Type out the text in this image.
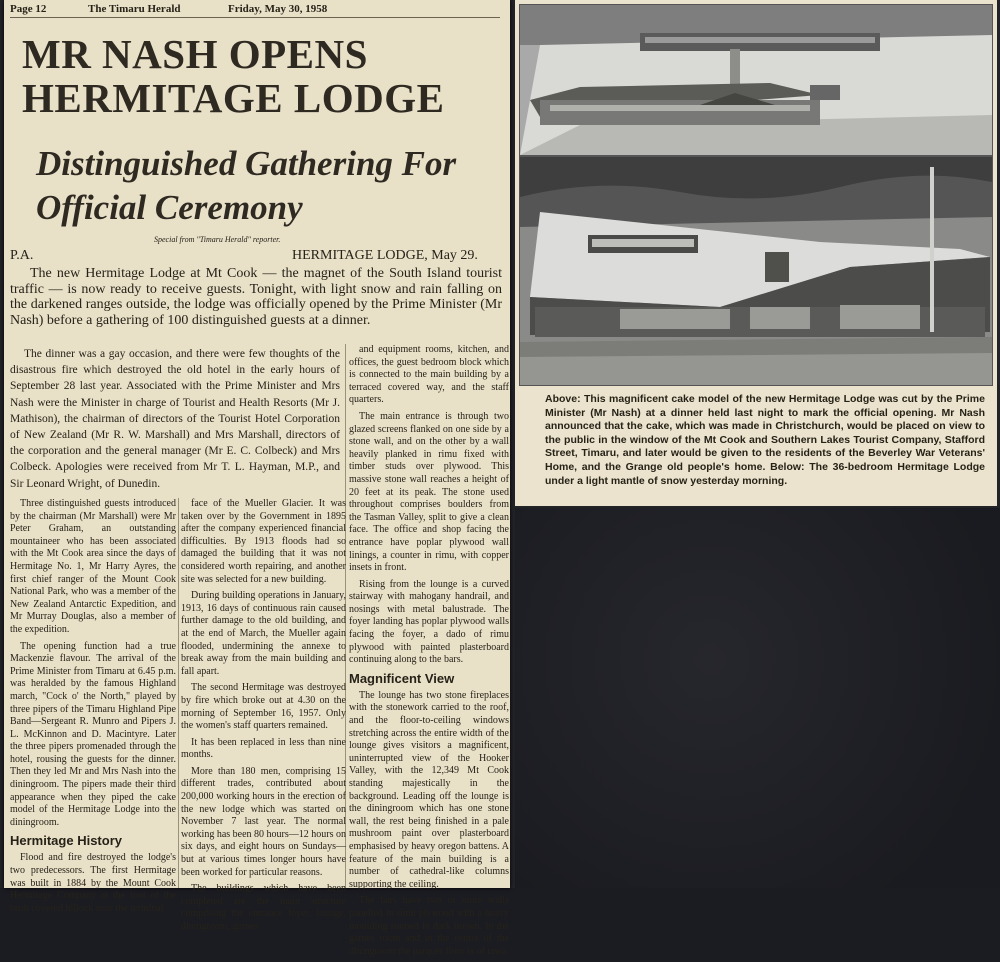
Page 12	The Timaru Herald	Friday, May 30, 1958
MR NASH OPENS HERMITAGE LODGE
Distinguished Gathering For Official Ceremony
Special from "Timaru Herald" reporter.
P.A.	HERMITAGE LODGE, May 29.

The new Hermitage Lodge at Mt Cook — the magnet of the South Island tourist traffic — is now ready to receive guests. Tonight, with light snow and rain falling on the darkened ranges outside, the lodge was officially opened by the Prime Minister (Mr Nash) before a gathering of 100 distinguished guests at a dinner.

The dinner was a gay occasion, and there were few thoughts of the disastrous fire which destroyed the old hotel in the early hours of September 28 last year. Associated with the Prime Minister and Mrs Nash were the Minister in charge of Tourist and Health Resorts (Mr J. Mathison), the chairman of directors of the Tourist Hotel Corporation of New Zealand (Mr R. W. Marshall) and Mrs Marshall, directors of the corporation and the general manager (Mr E. C. Colbeck) and Mrs Colbeck. Apologies were received from Mr T. L. Hayman, M.P., and Sir Leonard Wright, of Dunedin.

Three distinguished guests introduced by the chairman (Mr Marshall) were Mr Peter Graham, an outstanding mountaineer who has been associated with the Mt Cook area since the days of Hermitage No. 1, Mr Harry Ayres, the first chief ranger of the Mount Cook National Park, who was a member of the New Zealand Antarctic Expedition, and Mr Murray Douglas, also a member of the expedition.

The opening function had a true Mackenzie flavour. The arrival of the Prime Minister from Timaru at 6.45 p.m. was heralded by the famous Highland march, "Cock o' the North," played by three pipers of the Timaru Highland Pipe Band—Sergeant R. Munro and Pipers J. L. McKinnon and D. Macintyre. Later the three pipers promenaded through the hotel, rousing the guests for the dinner. Then they led Mr and Mrs Nash into the diningroom. The pipers made their third appearance when they piped the cake model of the Hermitage Lodge into the diningroom.

Hermitage History

Flood and fire destroyed the lodge's two predecessors. The first Hermitage was built in 1884 by the Mount Cook Hermitage Company at the foot of the bush covered hillock near the terminal

face of the Mueller Glacier. It was taken over by the Government in 1895 after the company experienced financial difficulties. By 1913 floods had so damaged the building that it was not considered worth repairing, and another site was selected for a new building.

During building operations in January, 1913, 16 days of continuous rain caused further damage to the old building, and at the end of March, the Mueller again flooded, undermining the annexe to break away from the main building and fall apart.

The second Hermitage was destroyed by fire which broke out at 4.30 on the morning of September 16, 1957. Only the women's staff quarters remained.

It has been replaced in less than nine months.

More than 180 men, comprising 15 different trades, contributed about 200,000 working hours in the erection of the new lodge which was started on November 7 last year. The normal working has been 80 hours—12 hours on six days, and eight hours on Sundays—but at various times longer hours have been worked for particular reasons.

The buildings which have been completed are the main structure comprising the entrance foyer, lounge, diningroom, games

and equipment rooms, kitchen, and offices, the guest bedroom block which is connected to the main building by a terraced covered way, and the staff quarters.

The main entrance is through two glazed screens flanked on one side by a stone wall, and on the other by a wall heavily planked in rimu fixed with timber studs over plywood. This massive stone wall reaches a height of 20 feet at its peak. The stone used throughout comprises boulders from the Tasman Valley, split to give a clean face. The office and shop facing the entrance have poplar plywood wall linings, a counter in rimu, with copper insets in front.

Rising from the lounge is a curved stairway with mahogany handrail, and nosings with metal balustrade. The foyer landing has poplar plywood walls facing the foyer, a dado of rimu plywood with painted plasterboard continuing along to the bars.

Magnificent View

The lounge has two stone fireplaces with the stonework carried to the roof, and the floor-to-ceiling windows stretching across the entire width of the lounge gives visitors a magnificent, uninterrupted view of the Hooker Valley, with the 12,349 Mt Cook standing majestically in the background. Leading off the lounge is the diningroom which has one stone wall, the rest being finished in a pale mushroom paint over plasterboard emphasised by heavy oregon battens. A feature of the main building is a number of cathedral-like columns supporting the ceiling.

The bars have two or more walls panelled in rimu plywood with a heavy moulding stained in dark brown. In the games room and in the centre of the diningroom the parquet floor is of tawa.

Above: This magnificent cake model of the new Hermitage Lodge was cut by the Prime Minister (Mr Nash) at a dinner held last night to mark the official opening. Mr Nash announced that the cake, which was made in Christchurch, would be placed on view to the public in the window of the Mt Cook and Southern Lakes Tourist Company, Stafford Street, Timaru, and later would be given to the residents of the Beverley War Veterans' Home, and the Grange old people's home. Below: The 36-bedroom Hermitage Lodge under a light mantle of snow yesterday morning.
